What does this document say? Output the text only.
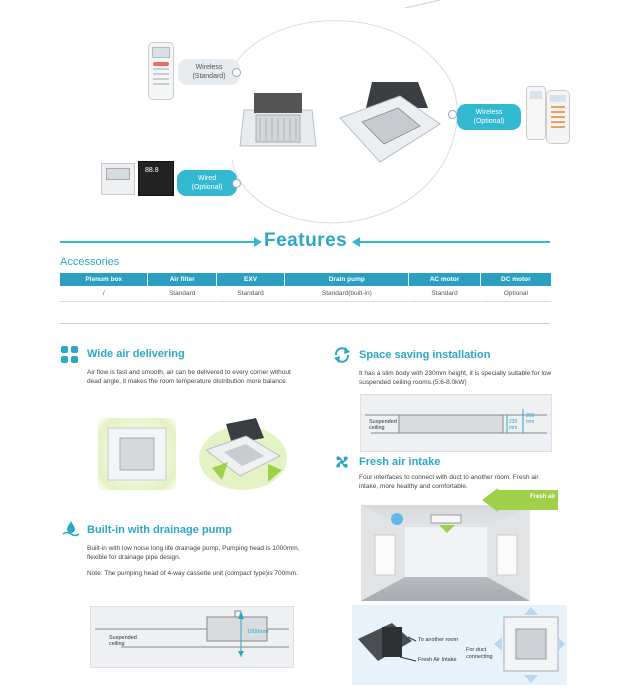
Wireless
(Standard)
88.8
Wired
(Optional)
Wireless
(Optional)
Features
Accessories
Plenum box	Air filter	EXV	Drain pump	AC motor	DC motor
/	Standard	Standard	Standard(built-in)	Standard	Optional
Wide air delivering
Air flow is fast and smooth, air can be delivered to every corner without dead angle, it makes the room temperature distribution more balance.
Built-in with drainage pump
Built-in with low noise long life drainage pump, Pumping head is 1000mm, flexible for drainage pipe design.
Note: The pumping head of 4-way cassette unit (compact type)is 700mm.
Suspended ceiling
1000mm
Space saving installation
It has a slim body with 230mm height, it is specially suitable for low suspended ceiling rooms.(5.6-8.0kW)
Suspended ceiling
230 mm
260 mm
Fresh air intake
Four interfaces to connect with duct to another room. Fresh air intake, more healthy and comfortable.
Fresh air
To another room
Fresh Air Intake
For duct connecting
